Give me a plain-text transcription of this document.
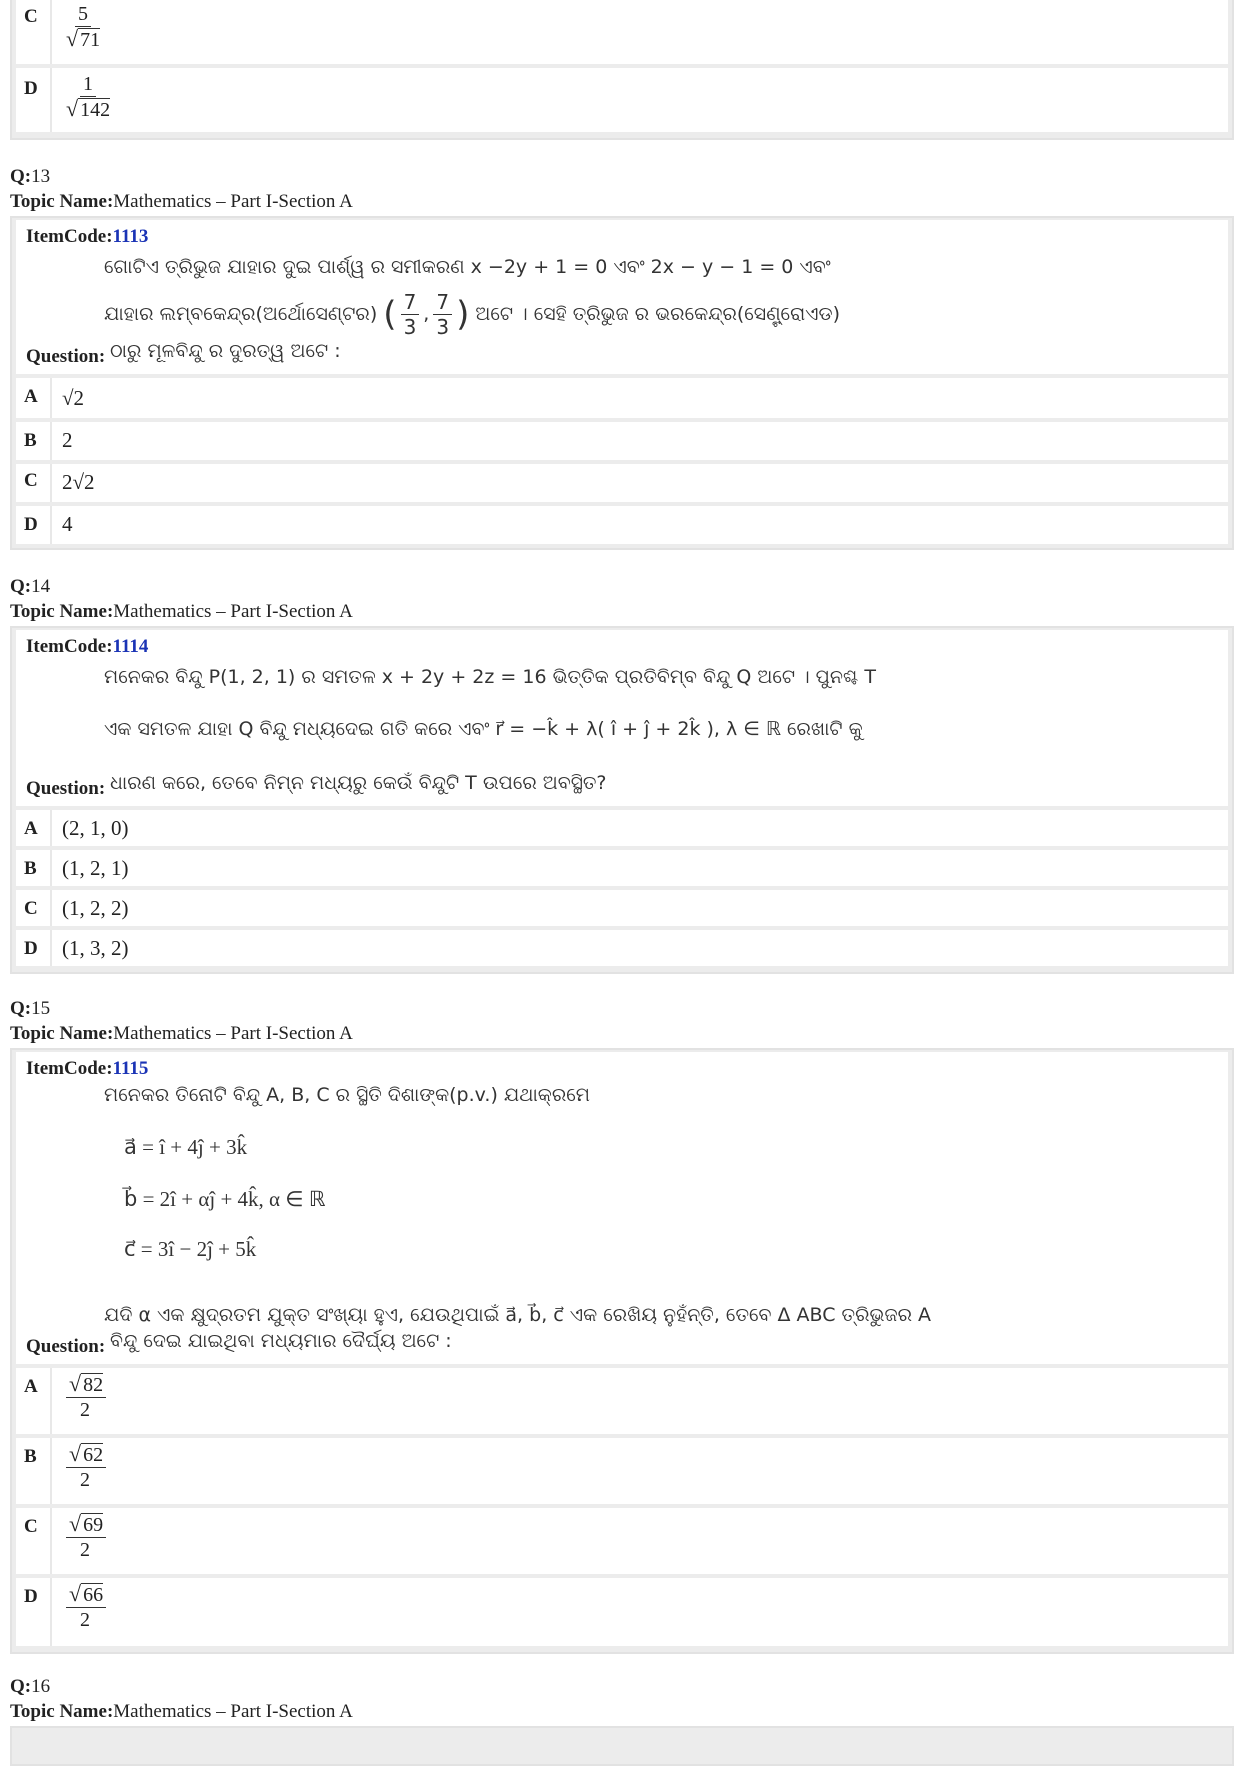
C $\frac{5}{√ 71}$
D $\frac{1}{√ 142}$
Q:13
Topic Name:Mathematics – Part I-Section A
ItemCode:1113
ଗୋଟିଏ ତ୍ରିଭୁଜ ଯାହାର ଦୁଇ ପାର୍ଶ୍ୱ ର ସମୀକରଣ x −2y + 1 = 0 ଏବଂ 2x − y − 1 = 0 ଏବଂ
ଯାହାର ଲମ୍ବକେନ୍ଦ୍ର(ଅର୍ଥୋସେଣ୍ଟର) ( $\frac{7}{3}$ , $\frac{7}{3}$ ) ଅଟେ । ସେହି ତ୍ରିଭୁଜ ର ଭରକେନ୍ଦ୍ର(ସେଣ୍ଟ୍ରୋଏଡ)
Question: ଠାରୁ ମୂଳବିନ୍ଦୁ ର ଦୁରତ୍ୱ ଅଟେ :
A	√2
B	2
C	2√2
D	4
Q:14
Topic Name:Mathematics – Part I-Section A
ItemCode:1114
ମନେକର ବିନ୍ଦୁ P(1, 2, 1) ର ସମତଳ x + 2y + 2z = 16 ଭିତ୍ତିକ ପ୍ରତିବିମ୍ବ ବିନ୍ଦୁ Q ଅଟେ । ପୁନଶ୍ଚ T
ଏକ ସମତଳ ଯାହା Q ବିନ୍ଦୁ ମଧ୍ୟଦେଇ ଗତି କରେ ଏବଂ r⃗ = −k̂ + λ( î + ĵ + 2k̂ ), λ ∈ ℝ ରେଖାଟି କୁ
Question: ଧାରଣ କରେ, ତେବେ ନିମ୍ନ ମଧ୍ୟରୁ କେଉଁ ବିନ୍ଦୁଟି T ଉପରେ ଅବସ୍ଥିତ?
A	(2, 1, 0)
B	(1, 2, 1)
C	(1, 2, 2)
D	(1, 3, 2)
Q:15
Topic Name:Mathematics – Part I-Section A
ItemCode:1115
ମନେକର ତିନୋଟି ବିନ୍ଦୁ A, B, C ର ସ୍ଥିତି ଦିଶାଙ୍କ(p.v.) ଯଥାକ୍ରମେ
a⃗ = î + 4ĵ + 3k̂
b⃗ = 2î + αĵ + 4k̂, α ∈ ℝ
c⃗ = 3î − 2ĵ + 5k̂
ଯଦି α ଏକ କ୍ଷୁଦ୍ରତମ ଯୁକ୍ତ ସଂଖ୍ୟା ହୁଏ, ଯେଉଥିପାଇଁ a⃗, b⃗, c⃗ ଏକ ରେଖିୟ ନୁହଁନ୍ତି, ତେବେ Δ ABC ତ୍ରିଭୁଜର A
Question: ବିନ୍ଦୁ ଦେଇ ଯାଇଥିବା ମଧ୍ୟମାର ଦୈର୍ଘ୍ୟ ଅଟେ :
A $\frac{√ 82}{2}$
B $\frac{√ 62}{2}$
C $\frac{√ 69}{2}$
D $\frac{√ 66}{2}$
Q:16
Topic Name:Mathematics – Part I-Section A
